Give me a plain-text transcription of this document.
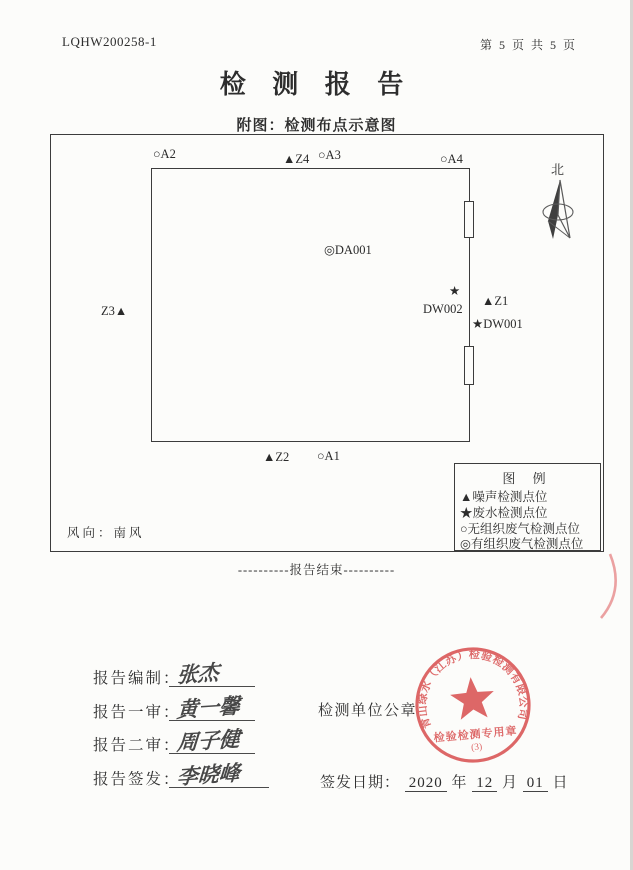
LQHW200258-1	第 5 页 共 5 页
检 测 报 告
附图：检测布点示意图
○A2	▲Z4 ○A3	○A4
◎DA001
★
DW002
▲Z1
★DW001
Z3▲
▲Z2 ○A1
北
图 例
▲噪声检测点位
★废水检测点位
○无组织废气检测点位
◎有组织废气检测点位
风向：南风
----------报告结束----------
报告编制：
张杰
报告一审：
黄一馨
报告二审：
周子健
报告签发：
李晓峰
检测单位公章
青山绿水（江苏）检验检测有限公司
检验检测专用章
(3)
签发日期： 2020 年 12 月 01 日
